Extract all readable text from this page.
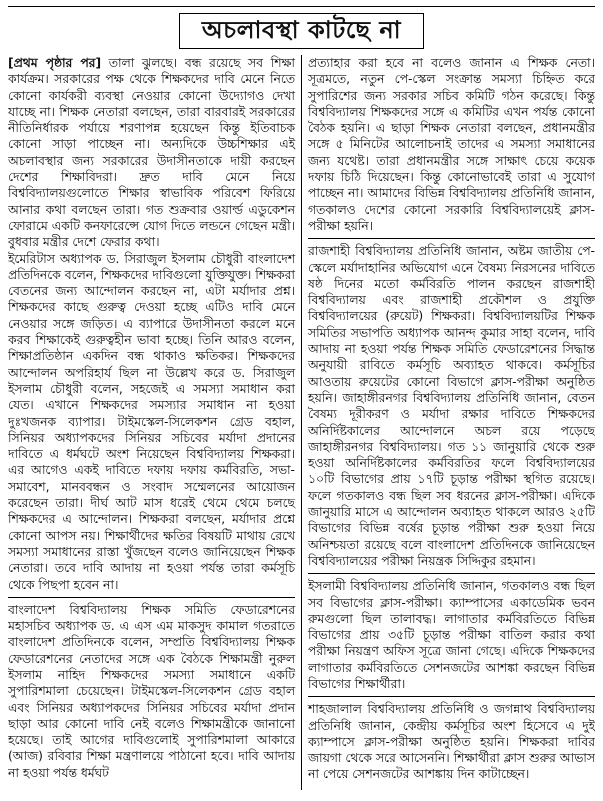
অচলাবস্থা কাটছে না

[প্রথম পৃষ্ঠার পর] তালা ঝুলছে। বন্ধ রয়েছে সব শিক্ষা কার্যক্রম। সরকারের পক্ষ থেকে শিক্ষকদের দাবি মেনে নিতে কোনো কার্যকরী ব্যবস্থা নেওয়ার কোনো উদ্যোগও দেখা যাচ্ছে না। শিক্ষক নেতারা বলছেন, তারা বারবারই সরকারের নীতিনির্ধারক পর্যায়ে শরণাপন্ন হয়েছেন কিন্তু ইতিবাচক কোনো সাড়া পাচ্ছেন না। অন্যদিকে উচ্চশিক্ষার এই অচলাবস্থার জন্য সরকারের উদাসীনতাকে দায়ী করছেন দেশের শিক্ষাবিদরা। দ্রুত দাবি মেনে নিয়ে বিশ্ববিদ্যালয়গুলোতে শিক্ষার স্বাভাবিক পরিবেশ ফিরিয়ে আনার কথা বলছেন তারা। গত শুক্রবার ওয়ার্ল্ড এডুকেশন ফোরামে একটি কনফারেন্সে যোগ দিতে লন্ডনে গেছেন মন্ত্রী। বুধবার মন্ত্রীর দেশে ফেরার কথা।

ইমেরিটাস অধ্যাপক ড. সিরাজুল ইসলাম চৌধুরী বাংলাদেশ প্রতিদিনকে বলেন, শিক্ষকদের দাবিগুলো যুক্তিযুক্ত। শিক্ষকরা বেতনের জন্য আন্দোলন করছেন না, এটা মর্যাদার প্রশ্ন। শিক্ষকদের কাছে গুরুত্ব দেওয়া হচ্ছে এটিও দাবি মেনে নেওয়ার সঙ্গে জড়িত। এ ব্যাপারে উদাসীনতা করলে মনে করব শিক্ষাকেই গুরুত্বহীন ভাবা হচ্ছে। তিনি আরও বলেন, শিক্ষাপ্রতিষ্ঠান একদিন বন্ধ থাকাও ক্ষতিকর। শিক্ষকদের আন্দোলন অপরিহার্য ছিল না উল্লেখ করে ড. সিরাজুল ইসলাম চৌধুরী বলেন, সহজেই এ সমস্যা সমাধান করা যেত। এখানে শিক্ষকদের সমস্যার সমাধান না হওয়া দুঃখজনক ব্যাপার। টাইমস্কেল-সিলেকশন গ্রেড বহাল, সিনিয়র অধ্যাপকদের সিনিয়র সচিবের মর্যাদা প্রদানের দাবিতে এ ধর্মঘটে অংশ নিয়েছেন বিশ্ববিদ্যালয় শিক্ষকরা। এর আগেও একই দাবিতে দফায় দফায় কর্মবিরতি, সভা-সমাবেশ, মানববন্ধন ও সংবাদ সম্মেলনের আয়োজন করেছেন তারা। দীর্ঘ আট মাস ধরেই থেমে থেমে চলছে শিক্ষকদের এ আন্দোলন। শিক্ষকরা বলছেন, মর্যাদার প্রশ্নে কোনো আপস নয়। শিক্ষার্থীদের ক্ষতির বিষয়টি মাথায় রেখে সমস্যা সমাধানের রাস্তা খুঁজছেন বলেও জানিয়েছেন শিক্ষক নেতারা। তবে দাবি আদায় না হওয়া পর্যন্ত তারা কর্মসূচি থেকে পিছপা হবেন না।

বাংলাদেশ বিশ্ববিদ্যালয় শিক্ষক সমিতি ফেডারেশনের মহাসচিব অধ্যাপক ড. এ এস এম মাকসুদ কামাল গতরাতে বাংলাদেশ প্রতিদিনকে বলেন, সম্প্রতি বিশ্ববিদ্যালয় শিক্ষক ফেডারেশনের নেতাদের সঙ্গে এক বৈঠকে শিক্ষামন্ত্রী নুরুল ইসলাম নাহিদ শিক্ষকদের সমস্যা সমাধানে একটি সুপারিশমালা চেয়েছেন। টাইমস্কেল-সিলেকশন গ্রেড বহাল এবং সিনিয়র অধ্যাপকদের সিনিয়র সচিবের মর্যাদা প্রদান ছাড়া আর কোনো দাবি নেই বলেও শিক্ষামন্ত্রীকে জানানো হয়েছে। তাই আগের দাবিগুলোই সুপারিশমালা আকারে (আজ) রবিবার শিক্ষা মন্ত্রণালয়ে পাঠানো হবে। দাবি আদায় না হওয়া পর্যন্ত ধর্মঘট

প্রত্যাহার করা হবে না বলেও জানান এ শিক্ষক নেতা। সূত্রমতে, নতুন পে-স্কেল সংক্রান্ত সমস্যা চিহ্নিত করে সুপারিশের জন্য সরকার সচিব কমিটি গঠন করেছে। কিন্তু বিশ্ববিদ্যালয় শিক্ষকদের সঙ্গে এ কমিটির এখন পর্যন্ত কোনো বৈঠক হয়নি। এ ছাড়া শিক্ষক নেতারা বলছেন, প্রধানমন্ত্রীর সঙ্গে ৫ মিনিটের আলোচনাই তাদের এ সমস্যা সমাধানের জন্য যথেষ্ট। তারা প্রধানমন্ত্রীর সঙ্গে সাক্ষাৎ চেয়ে কয়েক দফায় চিঠি দিয়েছেন। কিন্তু কোনোভাবেই তারা এ সুযোগ পাচ্ছেন না। আমাদের বিভিন্ন বিশ্ববিদ্যালয় প্রতিনিধি জানান, গতকালও দেশের কোনো সরকারি বিশ্ববিদ্যালয়েই ক্লাস-পরীক্ষা হয়নি।

রাজশাহী বিশ্ববিদ্যালয় প্রতিনিধি জানান, অষ্টম জাতীয় পে-স্কেলে মর্যাদাহানির অভিযোগ এনে বৈষম্য নিরসনের দাবিতে ষষ্ঠ দিনের মতো কর্মবিরতি পালন করছেন রাজশাহী বিশ্ববিদ্যালয় এবং রাজশাহী প্রকৌশল ও প্রযুক্তি বিশ্ববিদ্যালয়ের (রুয়েট) শিক্ষকরা। বিশ্ববিদ্যালয়টির শিক্ষক সমিতির সভাপতি অধ্যাপক আনন্দ কুমার সাহা বলেন, দাবি আদায় না হওয়া পর্যন্ত শিক্ষক সমিতি ফেডারেশনের সিদ্ধান্ত অনুযায়ী রাবিতে কর্মসূচি অব্যাহত থাকবে। কর্মসূচির আওতায় রুয়েটের কোনো বিভাগে ক্লাস-পরীক্ষা অনুষ্ঠিত হয়নি। জাহাঙ্গীরনগর বিশ্ববিদ্যালয় প্রতিনিধি জানান, বেতন বৈষম্য দূরীকরণ ও মর্যাদা রক্ষার দাবিতে শিক্ষকদের অনির্দিষ্টকালের আন্দোলনে অচল রয়ে পড়েছে জাহাঙ্গীরনগর বিশ্ববিদ্যালয়। গত ১১ জানুয়ারি থেকে শুরু হওয়া অনির্দিষ্টকালের কর্মবিরতির ফলে বিশ্ববিদ্যালয়ের ১০টি বিভাগের প্রায় ১৭টি চূড়ান্ত পরীক্ষা স্থগিত রয়েছে। ফলে গতকালও বন্ধ ছিল সব ধরনের ক্লাস-পরীক্ষা। এদিকে জানুয়ারি মাসে এ আন্দোলন অব্যাহত থাকলে আরও ২৫টি বিভাগের বিভিন্ন বর্ষের চূড়ান্ত পরীক্ষা শুরু হওয়া নিয়ে অনিশ্চয়তা রয়েছে বলে বাংলাদেশ প্রতিদিনকে জানিয়েছেন বিশ্ববিদ্যালয়ের পরীক্ষা নিয়ন্ত্রক সিদ্দিকুর রহমান।

ইসলামী বিশ্ববিদ্যালয় প্রতিনিধি জানান, গতকালও বন্ধ ছিল সব বিভাগের ক্লাস-পরীক্ষা। ক্যাম্পাসের একাডেমিক ভবন রুমগুলো ছিল তালাবদ্ধ। লাগাতার কর্মবিরতিতে বিভিন্ন বিভাগের প্রায় ৩৫টি চূড়ান্ত পরীক্ষা বাতিল করার কথা পরীক্ষা নিয়ন্ত্রণ অফিস সূত্রে জানা গেছে। এদিকে শিক্ষকদের লাগাতার কর্মবিরতিতে সেশনজটের আশঙ্কা করছেন বিভিন্ন বিভাগের শিক্ষার্থীরা।

শাহজালাল বিশ্ববিদ্যালয় প্রতিনিধি ও জগন্নাথ বিশ্ববিদ্যালয় প্রতিনিধি জানান, কেন্দ্রীয় কর্মসূচির অংশ হিসেবে এ দুই ক্যাম্পাসে ক্লাস-পরীক্ষা অনুষ্ঠিত হয়নি। শিক্ষকরা দাবির জায়গা থেকে সরে আসেননি। শিক্ষার্থীরা ক্লাস শুরুর আভাস না পেয়ে সেশনজটের আশঙ্কায় দিন কাটাচ্ছেন।
